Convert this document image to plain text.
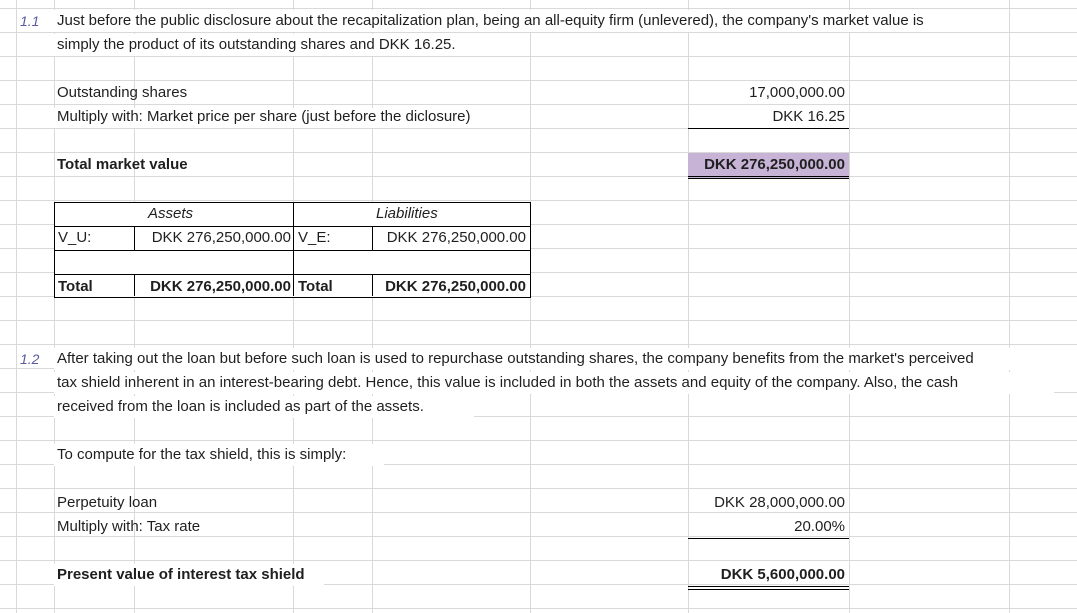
1.1 Just before the public disclosure about the recapitalization plan, being an all-equity firm (unlevered), the company's market value is
simply the product of its outstanding shares and DKK 16.25.
Outstanding shares	17,000,000.00
Multiply with: Market price per share (just before the diclosure)	DKK 16.25
Total market value	DKK 276,250,000.00
Assets	Liabilities
V_U:	DKK 276,250,000.00 V_E:	DKK 276,250,000.00
Total	DKK 276,250,000.00 Total	DKK 276,250,000.00
1.2 After taking out the loan but before such loan is used to repurchase outstanding shares, the company benefits from the market's perceived
tax shield inherent in an interest-bearing debt. Hence, this value is included in both the assets and equity of the company. Also, the cash
received from the loan is included as part of the assets.
To compute for the tax shield, this is simply:
Perpetuity loan	DKK 28,000,000.00
Multiply with: Tax rate	20.00%
Present value of interest tax shield	DKK 5,600,000.00
